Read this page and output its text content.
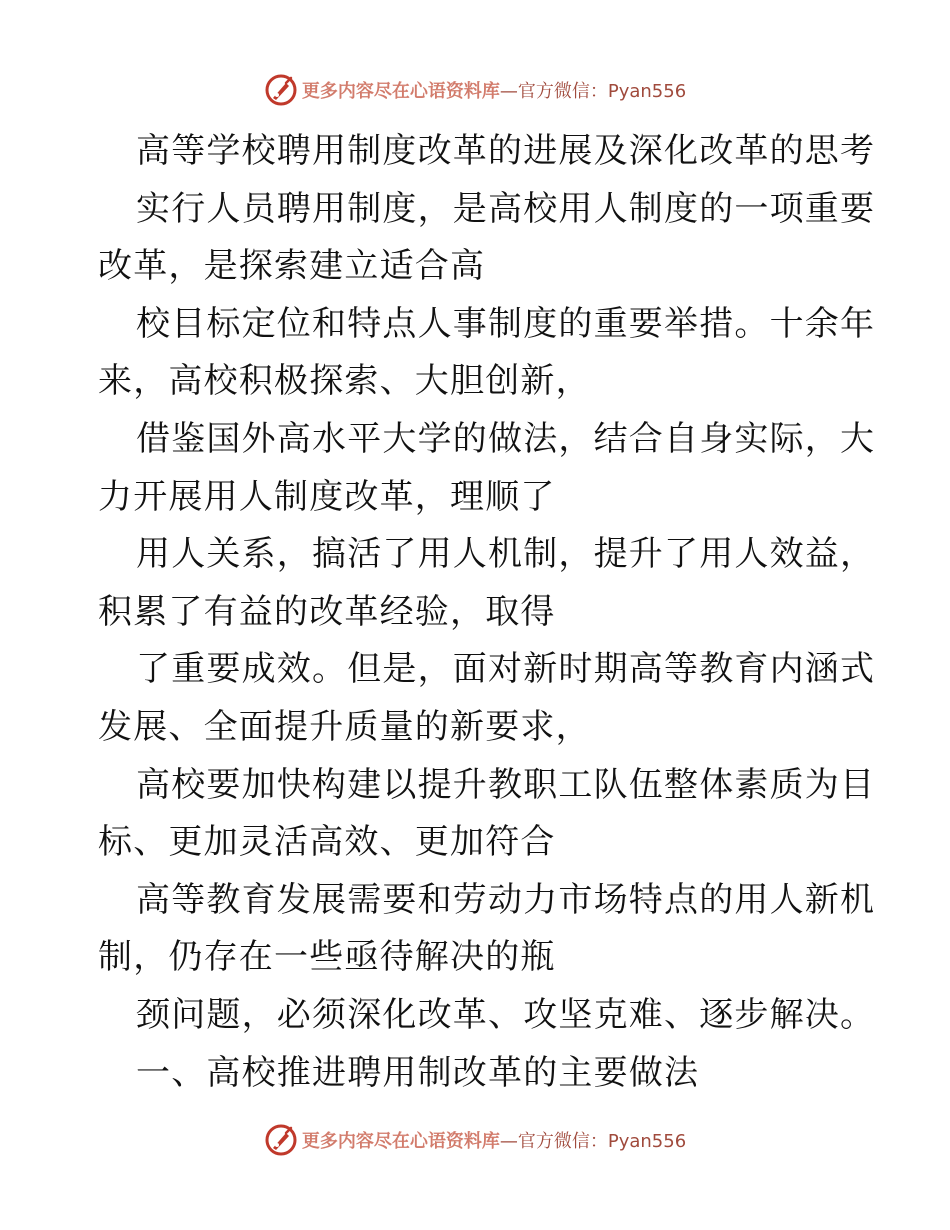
更多内容尽在心语资料库 —官方微信：Pyan556
高等学校聘用制度改革的进展及深化改革的思考
实行人员聘用制度，是高校用人制度的一项重要
改革，是探索建立适合高
校目标定位和特点人事制度的重要举措。十余年
来，高校积极探索、大胆创新，
借鉴国外高水平大学的做法，结合自身实际，大
力开展用人制度改革，理顺了
用人关系，搞活了用人机制，提升了用人效益，
积累了有益的改革经验，取得
了重要成效。但是，面对新时期高等教育内涵式
发展、全面提升质量的新要求，
高校要加快构建以提升教职工队伍整体素质为目
标、更加灵活高效、更加符合
高等教育发展需要和劳动力市场特点的用人新机
制，仍存在一些亟待解决的瓶
颈问题，必须深化改革、攻坚克难、逐步解决。
一、高校推进聘用制改革的主要做法
更多内容尽在心语资料库 —官方微信：Pyan556
